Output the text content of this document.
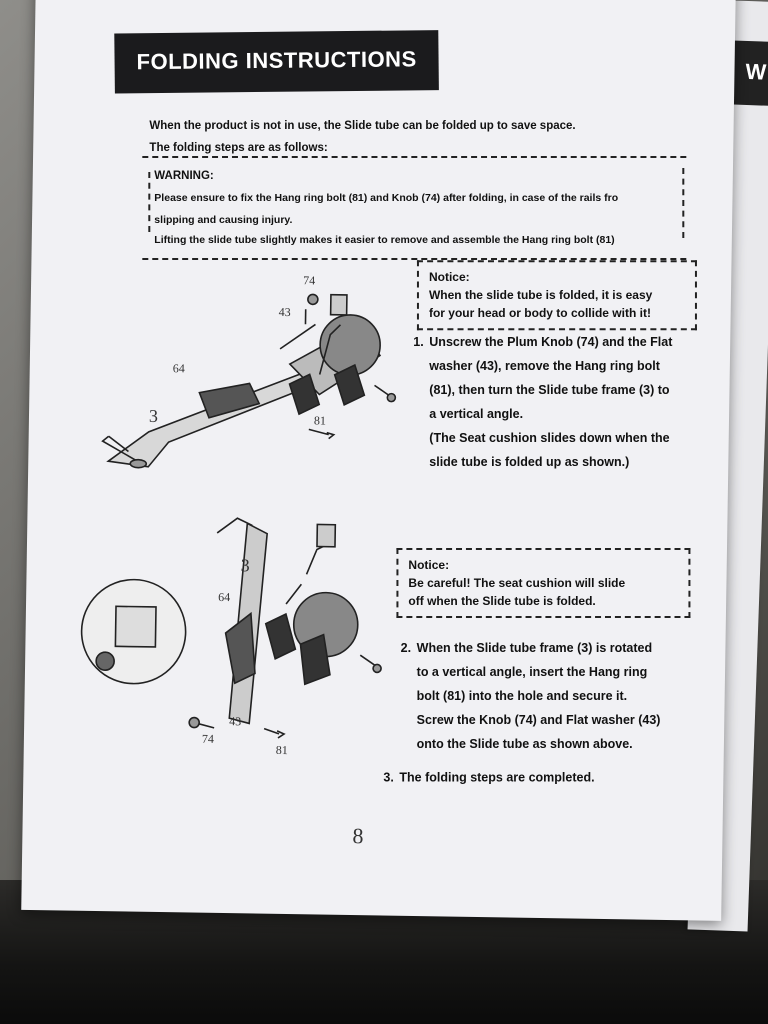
W
FOLDING INSTRUCTIONS
When the product is not in use, the Slide tube can be folded up to save space.
The folding steps are as follows:

WARNING:

Please ensure to fix the Hang ring bolt (81) and Knob (74) after folding, in case of the rails fro

slipping and causing injury.

Lifting the slide tube slightly makes it easier to remove and assemble the Hang ring bolt (81)

74
43
64
3	81
Notice:
When the slide tube is folded, it is easy
for your head or body to collide with it!
1. Unscrew the Plum Knob (74) and the Flat
washer (43), remove the Hang ring bolt
(81), then turn the Slide tube frame (3) to
a vertical angle.
(The Seat cushion slides down when the
slide tube is folded up as shown.)
3
64
43
74
81
Notice:
Be careful! The seat cushion will slide
off when the Slide tube is folded.
2. When the Slide tube frame (3) is rotated
to a vertical angle, insert the Hang ring
bolt (81) into the hole and secure it.
Screw the Knob (74) and Flat washer (43)
onto the Slide tube as shown above.
3. The folding steps are completed.
8
